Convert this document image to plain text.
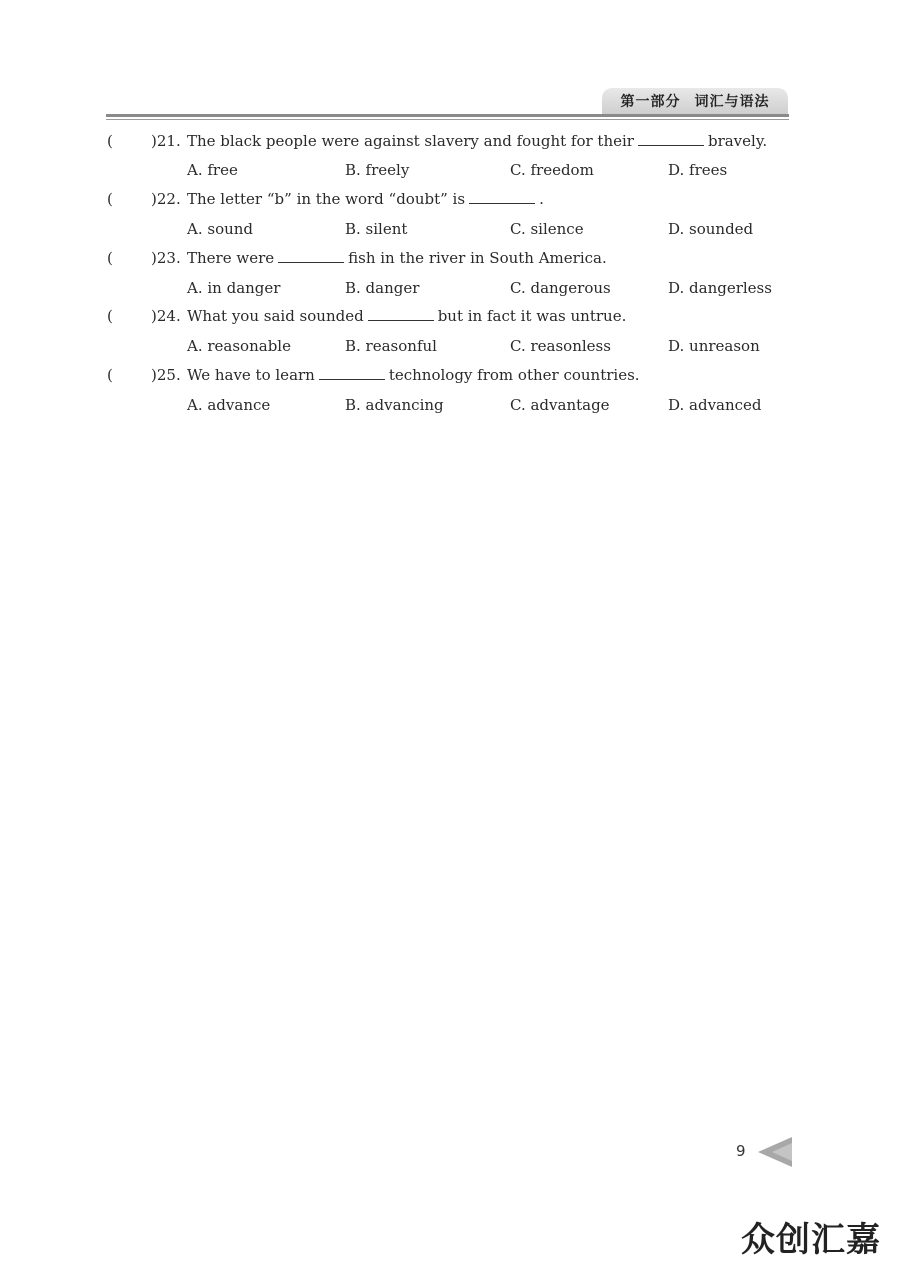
第一部分 词汇与语法
(	)21. The black people were against slavery and fought for their	bravely.
A. free	B. freely	C. freedom	D. frees
(	)22. The letter “b” in the word “doubt” is	.
A. sound	B. silent	C. silence	D. sounded
(	)23. There were	fish in the river in South America.
A. in danger	B. danger	C. dangerous	D. dangerless
(	)24. What you said sounded	but in fact it was untrue.
A. reasonable	B. reasonful	C. reasonless	D. unreason
(	)25. We have to learn	technology from other countries.
A. advance	B. advancing	C. advantage	D. advanced
9
众创汇嘉
